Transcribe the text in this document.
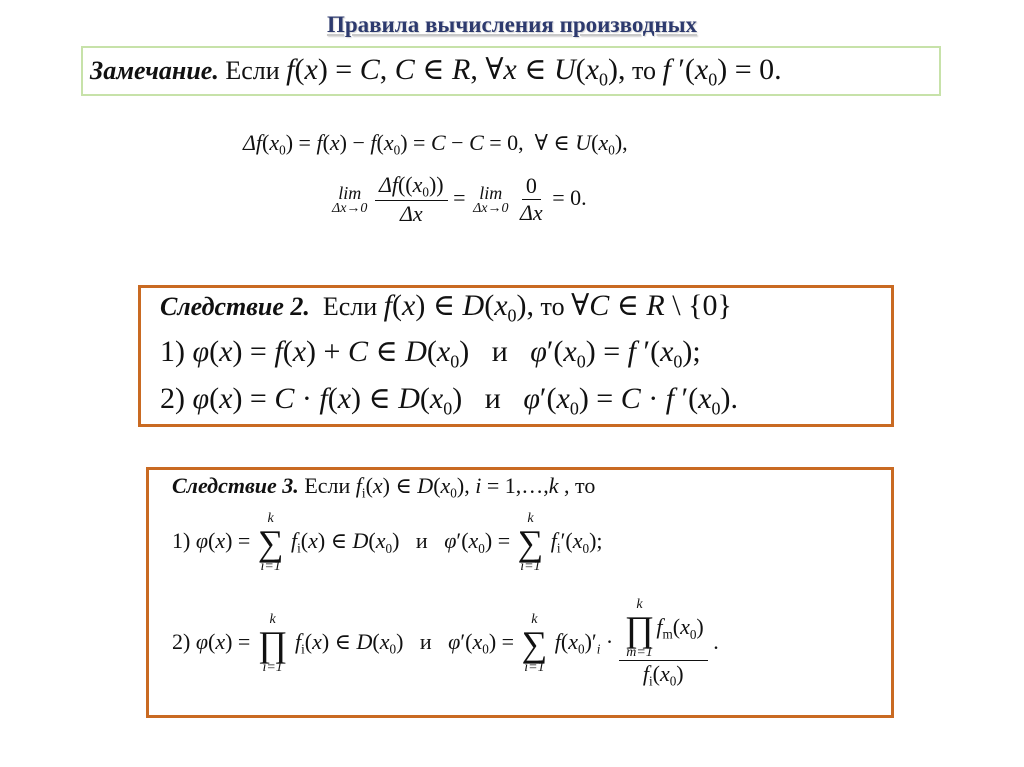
Правила вычисления производных
Замечание. Если f(x) = C, C ∈ R, ∀x ∈ $U(x_0)$, то f $'(x_0) = 0$.
$\Delta f(x_0) = f(x) - f(x_0) = C - C = 0$,  ∀ ∈ $U(x_0)$,
lim
Δx→0
$\frac{\Delta f((x_0))}{\Delta x} = \lim$
Δx→0
$\frac{0}{\Delta x} = 0$.
Следствие 2. Если f(x) ∈ $D(x_0)$, то ∀C ∈ R \ {0}
1) φ(x) = f(x) + C ∈ $D(x_0)$   и $\varphi'(x_0) = f$ $'(x_0)$;
2) φ(x) = C · f(x) ∈ $D(x_0)$   и $\varphi'(x_0) = C \cdot f$ $'(x_0)$.
Следствие 3. Если $f_i(x)$ ∈ $D(x_0)$, i = 1,…,k , то
1) φ(x) =
k
∑
i=1
$f_i(x)$ ∈ $D(x_0)$   и $\varphi'(x_0)$ =
k
∑
i=1
$f_i'(x_0)$;
2) φ(x) =
k
∏
i=1
$f_i(x)$ ∈ $D(x_0)$   и $\varphi'(x_0)$ =
k
∑
i=1
$f(x_0)'_i \cdot k$
∏
m=1
$f_m(x_0)$
$f_i(x_0)$ .
